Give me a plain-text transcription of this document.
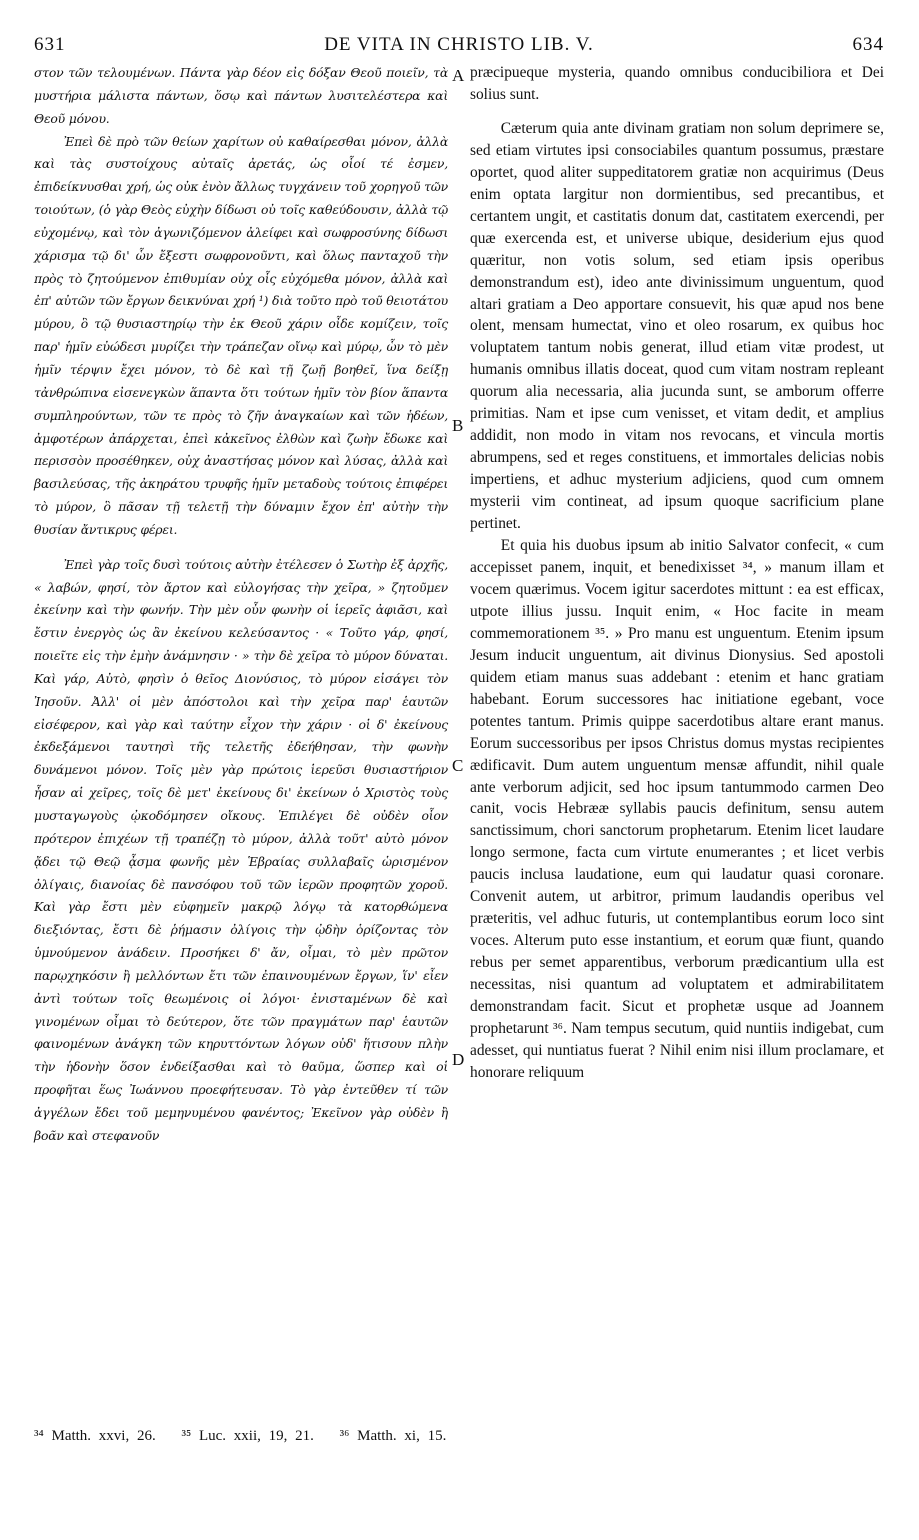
631	DE VITA IN CHRISTO LIB. V.	634

στον τῶν τελουμένων. Πάντα γὰρ δέον εἰς δόξαν Θεοῦ ποιεῖν, τὰ μυστήρια μάλιστα πάντων, ὅσῳ καὶ πάντων λυσιτελέστερα καὶ Θεοῦ μόνου.

Ἐπεὶ δὲ πρὸ τῶν θείων χαρίτων οὐ καθαίρεσθαι μόνον, ἀλλὰ καὶ τὰς συστοίχους αὐταῖς ἀρετάς, ὡς οἷοί τέ ἐσμεν, ἐπιδείκνυσθαι χρή, ὡς οὐκ ἐνὸν ἄλλως τυγχάνειν τοῦ χορηγοῦ τῶν τοιούτων, (ὁ γὰρ Θεὸς εὐχὴν δίδωσι οὐ τοῖς καθεύδουσιν, ἀλλὰ τῷ εὐχομένῳ, καὶ τὸν ἀγωνιζόμενον ἀλείφει καὶ σωφροσύνης δίδωσι χάρισμα τῷ δι' ὧν ἔξεστι σωφρονοῦντι, καὶ ὅλως πανταχοῦ τὴν πρὸς τὸ ζητούμενον ἐπιθυμίαν οὐχ οἷς εὐχόμεθα μόνον, ἀλλὰ καὶ ἐπ' αὐτῶν τῶν ἔργων δεικνύναι χρή ¹) διὰ τοῦτο πρὸ τοῦ θειοτάτου μύρου, ὃ τῷ θυσιαστηρίῳ τὴν ἐκ Θεοῦ χάριν οἶδε κομίζειν, τοῖς παρ' ἡμῖν εὐώδεσι μυρίζει τὴν τράπεζαν οἴνῳ καὶ μύρῳ, ὧν τὸ μὲν ἡμῖν τέρψιν ἔχει μόνον, τὸ δὲ καὶ τῇ ζωῇ βοηθεῖ, ἵνα δείξῃ τἀνθρώπινα εἰσενεγκὼν ἅπαντα ὅτι τούτων ἡμῖν τὸν βίον ἅπαντα συμπληρούντων, τῶν τε πρὸς τὸ ζῆν ἀναγκαίων καὶ τῶν ἡδέων, ἀμφοτέρων ἀπάρχεται, ἐπεὶ κἀκεῖνος ἐλθὼν καὶ ζωὴν ἔδωκε καὶ περισσὸν προσέθηκεν, οὐχ ἀναστήσας μόνον καὶ λύσας, ἀλλὰ καὶ βασιλεύσας, τῆς ἀκηράτου τρυφῆς ἡμῖν μεταδοὺς τούτοις ἐπιφέρει τὸ μύρον, ὃ πᾶσαν τῇ τελετῇ τὴν δύναμιν ἔχον ἐπ' αὐτὴν τὴν θυσίαν ἄντικρυς φέρει.

Ἐπεὶ γὰρ τοῖς δυσὶ τούτοις αὐτὴν ἐτέλεσεν ὁ Σωτὴρ ἐξ ἀρχῆς, « λαβών, φησί, τὸν ἄρτον καὶ εὐλογήσας τὴν χεῖρα, » ζητοῦμεν ἐκείνην καὶ τὴν φωνήν. Τὴν μὲν οὖν φωνὴν οἱ ἱερεῖς ἀφιᾶσι, καὶ ἔστιν ἐνεργὸς ὡς ἂν ἐκείνου κελεύσαντος · « Τοῦτο γάρ, φησί, ποιεῖτε εἰς τὴν ἐμὴν ἀνάμνησιν · » τὴν δὲ χεῖρα τὸ μύρον δύναται. Καὶ γάρ, Αὐτὸ, φησὶν ὁ θεῖος Διονύσιος, τὸ μύρον εἰσάγει τὸν Ἰησοῦν. Ἀλλ' οἱ μὲν ἀπόστολοι καὶ τὴν χεῖρα παρ' ἑαυτῶν εἰσέφερον, καὶ γὰρ καὶ ταύτην εἶχον τὴν χάριν · οἱ δ' ἐκείνους ἐκδεξάμενοι ταυτησὶ τῆς τελετῆς ἐδεήθησαν, τὴν φωνὴν δυνάμενοι μόνον. Τοῖς μὲν γὰρ πρώτοις ἱερεῦσι θυσιαστήριον ἦσαν αἱ χεῖρες, τοῖς δὲ μετ' ἐκείνους δι' ἐκείνων ὁ Χριστὸς τοὺς μυσταγωγοὺς ᾠκοδόμησεν οἴκους. Ἐπιλέγει δὲ οὐδὲν οἷον πρότερον ἐπιχέων τῇ τραπέζῃ τὸ μύρον, ἀλλὰ τοῦτ' αὐτὸ μόνον ᾄδει τῷ Θεῷ ᾆσμα φωνῆς μὲν Ἑβραίας συλλαβαῖς ὡρισμένον ὀλίγαις, διανοίας δὲ πανσόφου τοῦ τῶν ἱερῶν προφητῶν χοροῦ. Καὶ γὰρ ἔστι μὲν εὐφημεῖν μακρῷ λόγῳ τὰ κατορθώμενα διεξιόντας, ἔστι δὲ ῥήμασιν ὀλίγοις τὴν ᾠδὴν ὁρίζοντας τὸν ὑμνούμενον ἀνάδειν. Προσήκει δ' ἄν, οἶμαι, τὸ μὲν πρῶτον παρῳχηκόσιν ἢ μελλόντων ἔτι τῶν ἐπαινουμένων ἔργων, ἵν' εἶεν ἀντὶ τούτων τοῖς θεωμένοις οἱ λόγοι· ἐνισταμένων δὲ καὶ γινομένων οἶμαι τὸ δεύτερον, ὅτε τῶν πραγμάτων παρ' ἑαυτῶν φαινομένων ἀνάγκη τῶν κηρυττόντων λόγων οὐδ' ἥτισουν πλὴν τὴν ἡδονὴν ὅσον ἐνδείξασθαι καὶ τὸ θαῦμα, ὥσπερ καὶ οἱ προφῆται ἕως Ἰωάννου προεφήτευσαν. Τὸ γὰρ ἐντεῦθεν τί τῶν ἀγγέλων ἔδει τοῦ μεμηνυμένου φανέντος; Ἐκεῖνον γὰρ οὐδὲν ἢ βοᾶν καὶ στεφανοῦν

præcipueque mysteria, quando omnibus conducibiliora et Dei solius sunt.

Cæterum quia ante divinam gratiam non solum deprimere se, sed etiam virtutes ipsi consociabiles quantum possumus, præstare oportet, quod aliter suppeditatorem gratiæ non acquirimus (Deus enim optata largitur non dormientibus, sed precantibus, et certantem ungit, et castitatis donum dat, castitatem exercendi, per quæ exercenda est, et universe ubique, desiderium ejus quod quæritur, non votis solum, sed etiam ipsis operibus demonstrandum est), ideo ante divinissimum unguentum, quod altari gratiam a Deo apportare consuevit, his quæ apud nos bene olent, mensam humectat, vino et oleo rosarum, ex quibus hoc voluptatem tantum nobis generat, illud etiam vitæ prodest, ut humanis omnibus illatis doceat, quod cum vitam nostram repleant quorum alia necessaria, alia jucunda sunt, se amborum offerre primitias. Nam et ipse cum venisset, et vitam dedit, et amplius addidit, non modo in vitam nos revocans, et vincula mortis abrumpens, sed et reges constituens, et immortales delicias nobis impertiens, et adhuc mysterium adjiciens, quod cum omnem mysterii vim contineat, ad ipsum quoque sacrificium plane pertinet.

Et quia his duobus ipsum ab initio Salvator confecit, « cum accepisset panem, inquit, et benedixisset ³⁴, » manum illam et vocem quærimus. Vocem igitur sacerdotes mittunt : ea est efficax, utpote illius jussu. Inquit enim, « Hoc facite in meam commemorationem ³⁵. » Pro manu est unguentum. Etenim ipsum Jesum inducit unguentum, ait divinus Dionysius. Sed apostoli quidem etiam manus suas addebant : etenim et hanc gratiam habebant. Eorum successores hac initiatione egebant, voce potentes tantum. Primis quippe sacerdotibus altare erant manus. Eorum successoribus per ipsos Christus domus mystas recipientes ædificavit. Dum autem unguentum mensæ affundit, nihil quale ante verborum adjicit, sed hoc ipsum tantummodo carmen Deo canit, vocis Hebrææ syllabis paucis definitum, sensu autem sanctissimum, chori sanctorum prophetarum. Etenim licet laudare longo sermone, facta cum virtute enumerantes ; et licet verbis paucis inclusa laudatione, eum qui laudatur quasi coronare. Convenit autem, ut arbitror, primum laudandis operibus vel præteritis, vel adhuc futuris, ut contemplantibus eorum loco sint voces. Alterum puto esse instantium, et eorum quæ fiunt, quando rebus per semet apparentibus, verborum prædicantium ulla est necessitas, nisi quantum ad voluptatem et admirabilitatem demonstrandam facit. Sicut et prophetæ usque ad Joannem prophetarunt ³⁶. Nam tempus secutum, quid nuntiis indigebat, cum adesset, qui nuntiatus fuerat ? Nihil enim nisi illum proclamare, et honorare reliquum

A
B
C
D
³⁴ Matth. xxvi, 26. ³⁵ Luc. xxii, 19, 21. ³⁶ Matth. xi, 15.
